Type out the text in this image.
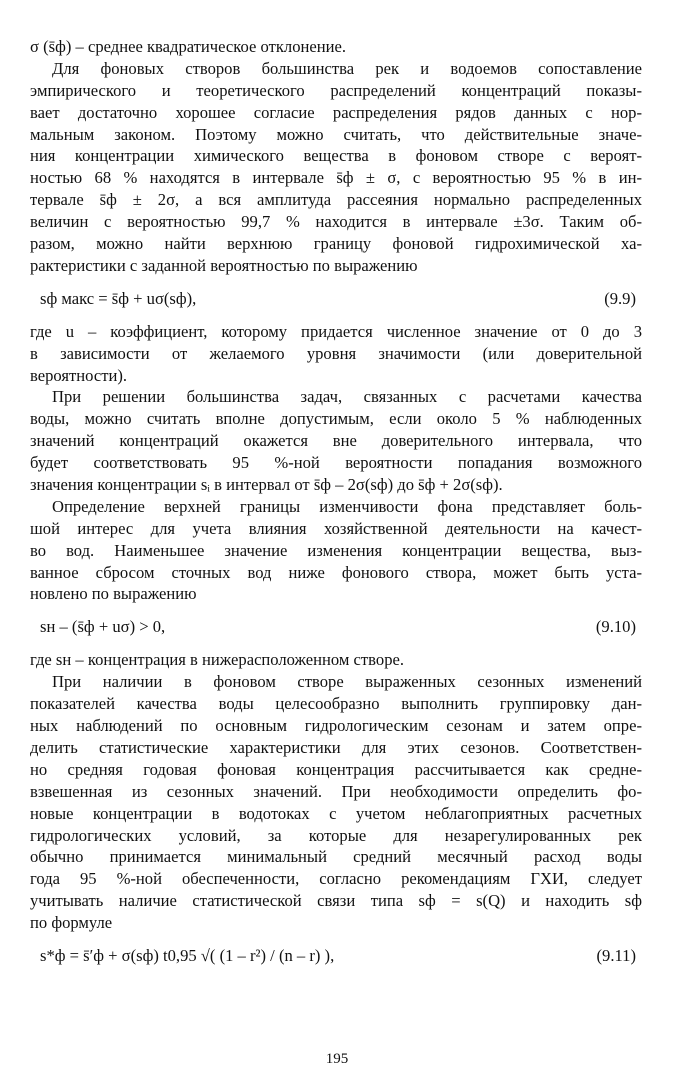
σ (s̄ф) – среднее квадратическое отклонение.
Для фоновых створов большинства рек и водоемов сопоставление
эмпирического и теоретического распределений концентраций показы-
вает достаточно хорошее согласие распределения рядов данных с нор-
мальным законом. Поэтому можно считать, что действительные значе-
ния концентрации химического вещества в фоновом створе с вероят-
ностью 68 % находятся в интервале s̄ф ± σ, с вероятностью 95 % в ин-
тервале s̄ф ± 2σ, а вся амплитуда рассеяния нормально распределенных
величин с вероятностью 99,7 % находится в интервале ±3σ. Таким об-
разом, можно найти верхнюю границу фоновой гидрохимической ха-
рактеристики с заданной вероятностью по выражению
sф макс = s̄ф + uσ(sф),	(9.9)
где u – коэффициент, которому придается численное значение от 0 до 3
в зависимости от желаемого уровня значимости (или доверительной
вероятности).
При решении большинства задач, связанных с расчетами качества
воды, можно считать вполне допустимым, если около 5 % наблюденных
значений концентраций окажется вне доверительного интервала, что
будет соответствовать 95 %-ной вероятности попадания возможного
значения концентрации sᵢ в интервал от s̄ф – 2σ(sф) до s̄ф + 2σ(sф).
Определение верхней границы изменчивости фона представляет боль-
шой интерес для учета влияния хозяйственной деятельности на качест-
во вод. Наименьшее значение изменения концентрации вещества, выз-
ванное сбросом сточных вод ниже фонового створа, может быть уста-
новлено по выражению
sн – (s̄ф + uσ) > 0,	(9.10)
где sн – концентрация в нижерасположенном створе.
При наличии в фоновом створе выраженных сезонных изменений
показателей качества воды целесообразно выполнить группировку дан-
ных наблюдений по основным гидрологическим сезонам и затем опре-
делить статистические характеристики для этих сезонов. Соответствен-
но средняя годовая фоновая концентрация рассчитывается как средне-
взвешенная из сезонных значений. При необходимости определить фо-
новые концентрации в водотоках с учетом неблагоприятных расчетных
гидрологических условий, за которые для незарегулированных рек
обычно принимается минимальный средний месячный расход воды
года 95 %-ной обеспеченности, согласно рекомендациям ГХИ, следует
учитывать наличие статистической связи типа sф = s(Q) и находить sф
по формуле
s*ф = s̄′ф + σ(sф) t0,95 √( (1 – r²) / (n – r) ),	(9.11)
195
